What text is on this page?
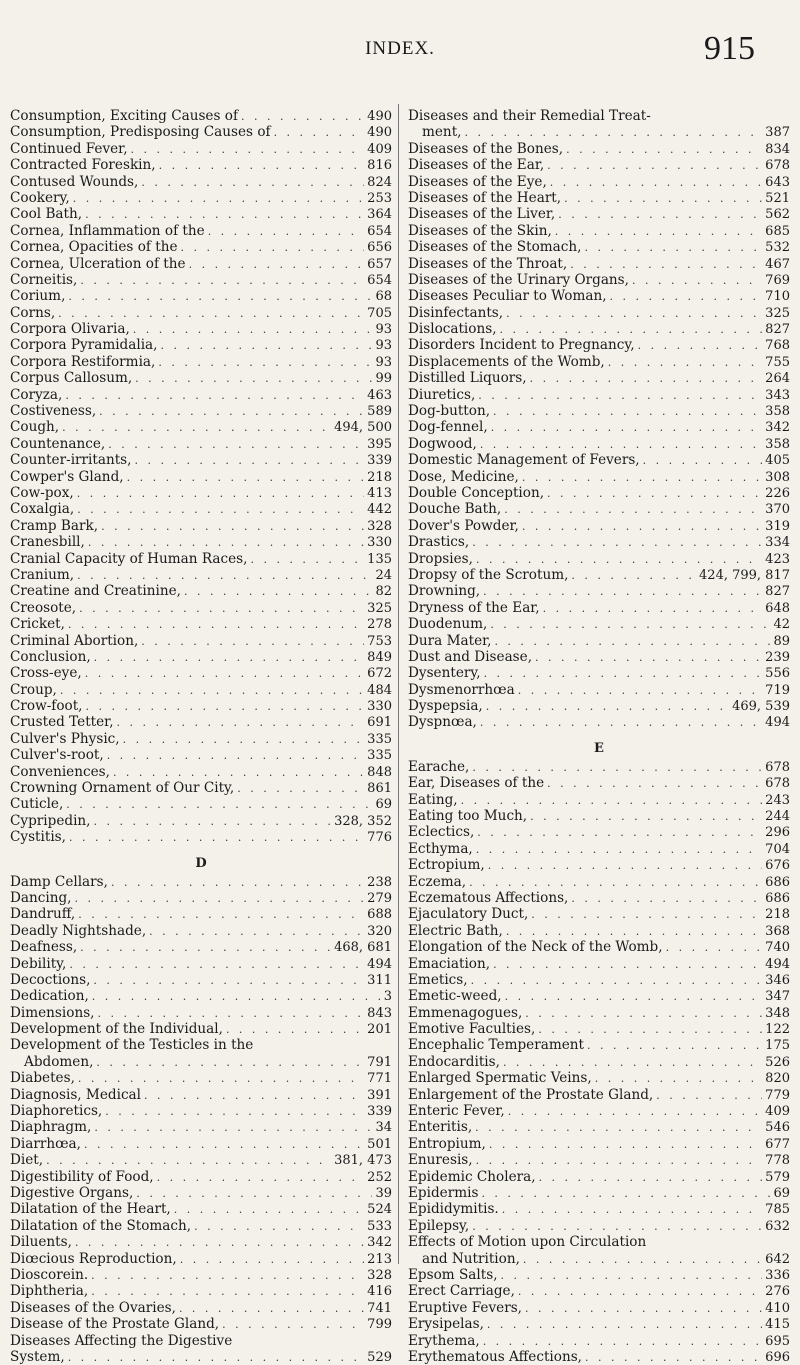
INDEX.	915
Consumption, Exciting Causes of . . .	490
Consumption, Predisposing Causes of . . .	490
Continued Fever, . . .	409
Contracted Foreskin, . . .	816
Contused Wounds, . . .	824
Cookery, . . .	253
Cool Bath, . . .	364
Cornea, Inflammation of the . . .	654
Cornea, Opacities of the . . .	656
Cornea, Ulceration of the . . .	657
Corneitis, . . .	654
Corium, . . .	68
Corns, . . .	705
Corpora Olivaria, . . .	93
Corpora Pyramidalia, . . .	93
Corpora Restiformia, . . .	93
Corpus Callosum, . . .	99
Coryza, . . .	463
Costiveness, . . .	589
Cough, . . .	494, 500
Countenance, . . .	395
Counter-irritants, . . .	339
Cowper's Gland, . . .	218
Cow-pox, . . .	413
Coxalgia, . . .	442
Cramp Bark, . . .	328
Cranesbill, . . .	330
Cranial Capacity of Human Races, . . .	135
Cranium, . . .	24
Creatine and Creatinine, . . .	82
Creosote, . . .	325
Cricket, . . .	278
Criminal Abortion, . . .	753
Conclusion, . . .	849
Cross-eye, . . .	672
Croup, . . .	484
Crow-foot, . . .	330
Crusted Tetter, . . .	691
Culver's Physic, . . .	335
Culver's-root, . . .	335
Conveniences, . . .	848
Crowning Ornament of Our City, . . .	861
Cuticle, . . .	69
Cypripedin, . . .	328, 352
Cystitis, . . .	776
D
Damp Cellars, . . .	238
Dancing, . . .	279
Dandruff, . . .	688
Deadly Nightshade, . . .	320
Deafness, . . .	468, 681
Debility, . . .	494
Decoctions, . . .	311
Dedication, . . .	3
Dimensions, . . .	843
Development of the Individual, . . .	201
Development of the Testicles in the
Abdomen, . . .	791
Diabetes, . . .	771
Diagnosis, Medical . . .	391
Diaphoretics, . . .	339
Diaphragm, . . .	34
Diarrhœa, . . .	501
Diet, . . .	381, 473
Digestibility of Food, . . .	252
Digestive Organs, . . .	39
Dilatation of the Heart, . . .	524
Dilatation of the Stomach, . . .	533
Diluents, . . .	342
Diœcious Reproduction, . . .	213
Dioscorein. . . .	328
Diphtheria, . . .	416
Diseases of the Ovaries, . . .	741
Disease of the Prostate Gland, . . .	799
Diseases Affecting the Digestive
System, . . .	529
Diseases and their Remedial Treat-
ment, . . .	387
Diseases of the Bones, . . .	834
Diseases of the Ear, . . .	678
Diseases of the Eye, . . .	643
Diseases of the Heart, . . .	521
Diseases of the Liver, . . .	562
Diseases of the Skin, . . .	685
Diseases of the Stomach, . . .	532
Diseases of the Throat, . . .	467
Diseases of the Urinary Organs, . . .	769
Diseases Peculiar to Woman, . . .	710
Disinfectants, . . .	325
Dislocations, . . .	827
Disorders Incident to Pregnancy, . . .	768
Displacements of the Womb, . . .	755
Distilled Liquors, . . .	264
Diuretics, . . .	343
Dog-button, . . .	358
Dog-fennel, . . .	342
Dogwood, . . .	358
Domestic Management of Fevers, . . .	405
Dose, Medicine, . . .	308
Double Conception, . . .	226
Douche Bath, . . .	370
Dover's Powder, . . .	319
Drastics, . . .	334
Dropsies, . . .	423
Dropsy of the Scrotum, . . .	424, 799, 817
Drowning, . . .	827
Dryness of the Ear, . . .	648
Duodenum, . . .	42
Dura Mater, . . .	89
Dust and Disease, . . .	239
Dysentery, . . .	556
Dysmenorrhœa . . .	719
Dyspepsia, . . .	469, 539
Dyspnœa, . . .	494
E
Earache, . . .	678
Ear, Diseases of the . . .	678
Eating, . . .	243
Eating too Much, . . .	244
Eclectics, . . .	296
Ecthyma, . . .	704
Ectropium, . . .	676
Eczema, . . .	686
Eczematous Affections, . . .	686
Ejaculatory Duct, . . .	218
Electric Bath, . . .	368
Elongation of the Neck of the Womb, . . .	740
Emaciation, . . .	494
Emetics, . . .	346
Emetic-weed, . . .	347
Emmenagogues, . . .	348
Emotive Faculties, . . .	122
Encephalic Temperament . . .	175
Endocarditis, . . .	526
Enlarged Spermatic Veins, . . .	820
Enlargement of the Prostate Gland, . . .	779
Enteric Fever, . . .	409
Enteritis, . . .	546
Entropium, . . .	677
Enuresis, . . .	778
Epidemic Cholera, . . .	579
Epidermis . . .	69
Epididymitis. . . .	785
Epilepsy, . . .	632
Effects of Motion upon Circulation
and Nutrition, . . .	642
Epsom Salts, . . .	336
Erect Carriage, . . .	276
Eruptive Fevers, . . .	410
Erysipelas, . . .	415
Erythema, . . .	695
Erythematous Affections, . . .	696
